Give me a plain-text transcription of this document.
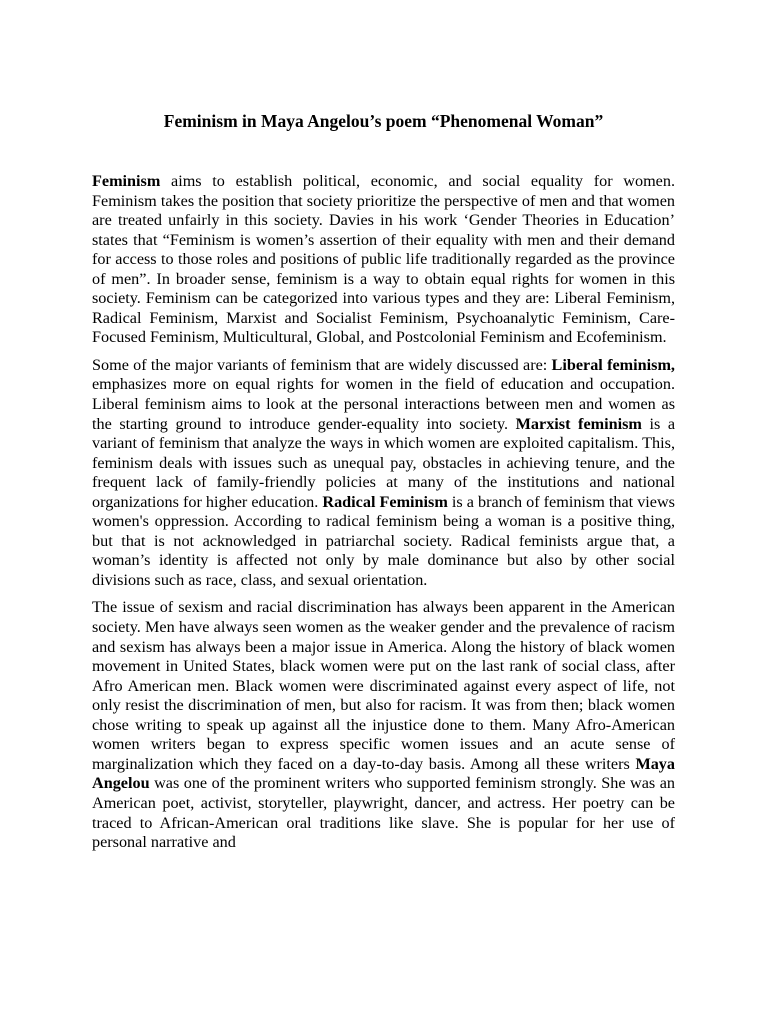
Feminism in Maya Angelou’s poem “Phenomenal Woman”

Feminism aims to establish political, economic, and social equality for women. Feminism takes the position that society prioritize the perspective of men and that women are treated unfairly in this society. Davies in his work ‘Gender Theories in Education’ states that “Feminism is women’s assertion of their equality with men and their demand for access to those roles and positions of public life traditionally regarded as the province of men”. In broader sense, feminism is a way to obtain equal rights for women in this society. Feminism can be categorized into various types and they are: Liberal Feminism, Radical Feminism, Marxist and Socialist Feminism, Psychoanalytic Feminism, Care-Focused Feminism, Multicultural, Global, and Postcolonial Feminism and Ecofeminism.

Some of the major variants of feminism that are widely discussed are: Liberal feminism, emphasizes more on equal rights for women in the field of education and occupation. Liberal feminism aims to look at the personal interactions between men and women as the starting ground to introduce gender-equality into society. Marxist feminism is a variant of feminism that analyze the ways in which women are exploited capitalism. This, feminism deals with issues such as unequal pay, obstacles in achieving tenure, and the frequent lack of family-friendly policies at many of the institutions and national organizations for higher education. Radical Feminism is a branch of feminism that views women's oppression. According to radical feminism being a woman is a positive thing, but that is not acknowledged in patriarchal society. Radical feminists argue that, a woman’s identity is affected not only by male dominance but also by other social divisions such as race, class, and sexual orientation.

The issue of sexism and racial discrimination has always been apparent in the American society. Men have always seen women as the weaker gender and the prevalence of racism and sexism has always been a major issue in America. Along the history of black women movement in United States, black women were put on the last rank of social class, after Afro American men. Black women were discriminated against every aspect of life, not only resist the discrimination of men, but also for racism. It was from then; black women chose writing to speak up against all the injustice done to them. Many Afro-American women writers began to express specific women issues and an acute sense of marginalization which they faced on a day-to-day basis. Among all these writers Maya Angelou was one of the prominent writers who supported feminism strongly. She was an American poet, activist, storyteller, playwright, dancer, and actress. Her poetry can be traced to African-American oral traditions like slave. She is popular for her use of personal narrative and
